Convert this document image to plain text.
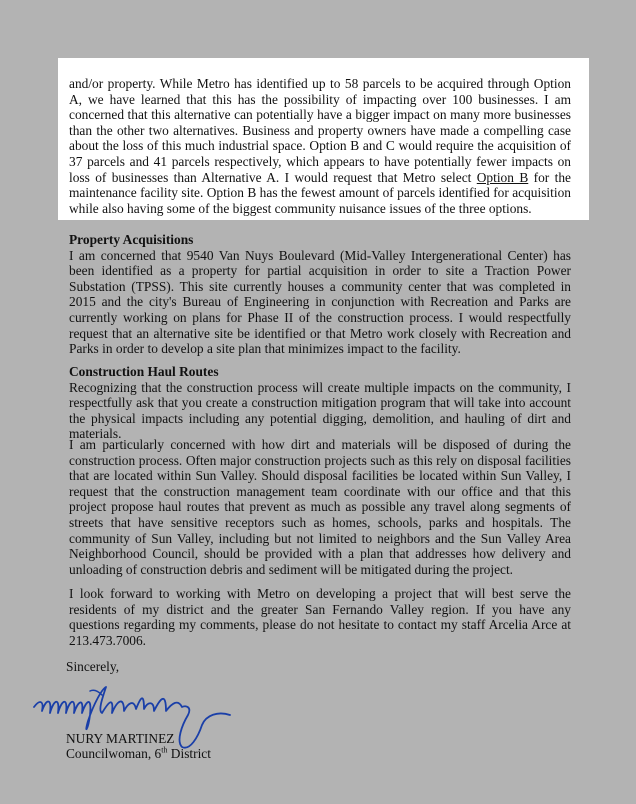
and/or property. While Metro has identified up to 58 parcels to be acquired through Option A, we have learned that this has the possibility of impacting over 100 businesses. I am concerned that this alternative can potentially have a bigger impact on many more businesses than the other two alternatives. Business and property owners have made a compelling case about the loss of this much industrial space. Option B and C would require the acquisition of 37 parcels and 41 parcels respectively, which appears to have potentially fewer impacts on loss of businesses than Alternative A. I would request that Metro select Option B for the maintenance facility site. Option B has the fewest amount of parcels identified for acquisition while also having some of the biggest community nuisance issues of the three options.

Property Acquisitions

I am concerned that 9540 Van Nuys Boulevard (Mid-Valley Intergenerational Center) has been identified as a property for partial acquisition in order to site a Traction Power Substation (TPSS). This site currently houses a community center that was completed in 2015 and the city's Bureau of Engineering in conjunction with Recreation and Parks are currently working on plans for Phase II of the construction process. I would respectfully request that an alternative site be identified or that Metro work closely with Recreation and Parks in order to develop a site plan that minimizes impact to the facility.

Construction Haul Routes

Recognizing that the construction process will create multiple impacts on the community, I respectfully ask that you create a construction mitigation program that will take into account the physical impacts including any potential digging, demolition, and hauling of dirt and materials.

I am particularly concerned with how dirt and materials will be disposed of during the construction process. Often major construction projects such as this rely on disposal facilities that are located within Sun Valley. Should disposal facilities be located within Sun Valley, I request that the construction management team coordinate with our office and that this project propose haul routes that prevent as much as possible any travel along segments of streets that have sensitive receptors such as homes, schools, parks and hospitals. The community of Sun Valley, including but not limited to neighbors and the Sun Valley Area Neighborhood Council, should be provided with a plan that addresses how delivery and unloading of construction debris and sediment will be mitigated during the project.

I look forward to working with Metro on developing a project that will best serve the residents of my district and the greater San Fernando Valley region. If you have any questions regarding my comments, please do not hesitate to contact my staff Arcelia Arce at 213.473.7006.

Sincerely,
NURY MARTINEZ
Councilwoman, 6th District
